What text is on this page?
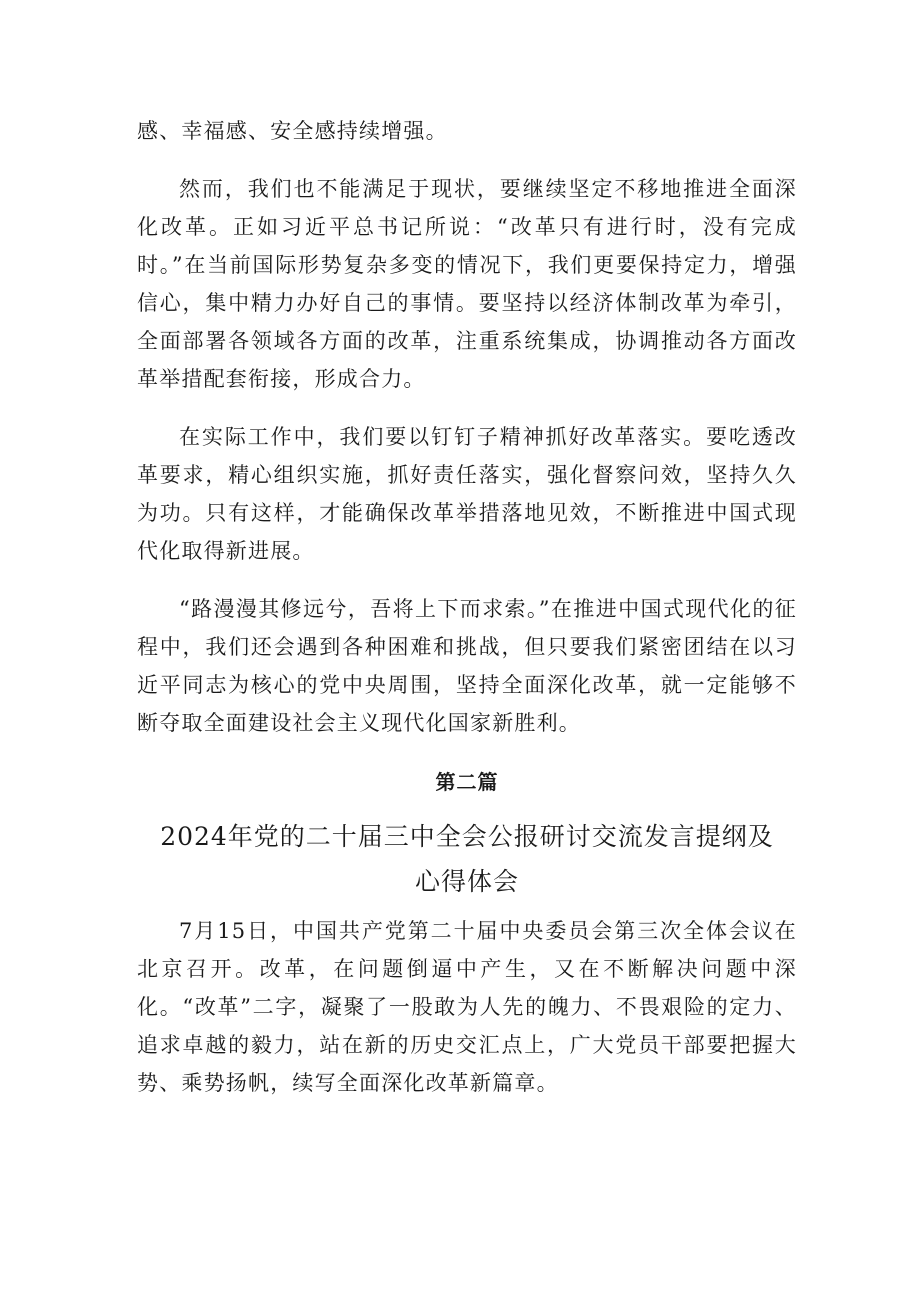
感、幸福感、安全感持续增强。

然而，我们也不能满足于现状，要继续坚定不移地推进全面深化改革。正如习近平总书记所说：“改革只有进行时，没有完成时。”在当前国际形势复杂多变的情况下，我们更要保持定力，增强信心，集中精力办好自己的事情。要坚持以经济体制改革为牵引，全面部署各领域各方面的改革，注重系统集成，协调推动各方面改革举措配套衔接，形成合力。

在实际工作中，我们要以钉钉子精神抓好改革落实。要吃透改革要求，精心组织实施，抓好责任落实，强化督察问效，坚持久久为功。只有这样，才能确保改革举措落地见效，不断推进中国式现代化取得新进展。

“路漫漫其修远兮，吾将上下而求索。”在推进中国式现代化的征程中，我们还会遇到各种困难和挑战，但只要我们紧密团结在以习近平同志为核心的党中央周围，坚持全面深化改革，就一定能够不断夺取全面建设社会主义现代化国家新胜利。

第二篇
2024年党的二十届三中全会公报研讨交流发言提纲及
心得体会

7月15日，中国共产党第二十届中央委员会第三次全体会议在北京召开。改革，在问题倒逼中产生，又在不断解决问题中深化。“改革”二字，凝聚了一股敢为人先的魄力、不畏艰险的定力、追求卓越的毅力，站在新的历史交汇点上，广大党员干部要把握大势、乘势扬帆，续写全面深化改革新篇章。
